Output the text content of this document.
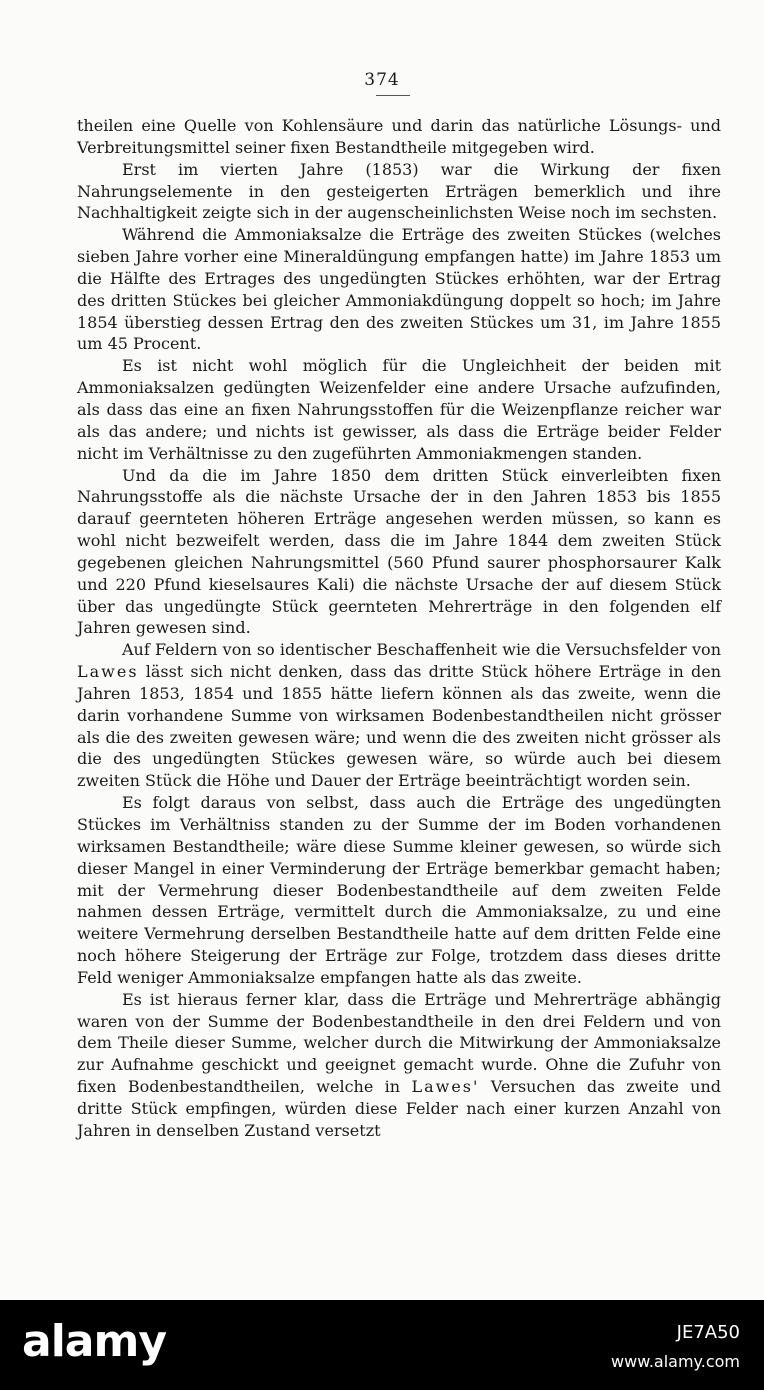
374

theilen eine Quelle von Kohlensäure und darin das natürliche Lösungs- und Verbreitungsmittel seiner fixen Bestandtheile mitgegeben wird.

Erst im vierten Jahre (1853) war die Wirkung der fixen Nahrungselemente in den gesteigerten Erträgen bemerklich und ihre Nachhaltigkeit zeigte sich in der augenscheinlichsten Weise noch im sechsten.

Während die Ammoniaksalze die Erträge des zweiten Stückes (welches sieben Jahre vorher eine Mineraldüngung empfangen hatte) im Jahre 1853 um die Hälfte des Ertrages des ungedüngten Stückes erhöhten, war der Ertrag des dritten Stückes bei gleicher Ammoniakdüngung doppelt so hoch; im Jahre 1854 überstieg dessen Ertrag den des zweiten Stückes um 31, im Jahre 1855 um 45 Procent.

Es ist nicht wohl möglich für die Ungleichheit der beiden mit Ammoniaksalzen gedüngten Weizenfelder eine andere Ursache aufzufinden, als dass das eine an fixen Nahrungsstoffen für die Weizenpflanze reicher war als das andere; und nichts ist gewisser, als dass die Erträge beider Felder nicht im Verhältnisse zu den zugeführten Ammoniakmengen standen.

Und da die im Jahre 1850 dem dritten Stück einverleibten fixen Nahrungsstoffe als die nächste Ursache der in den Jahren 1853 bis 1855 darauf geernteten höheren Erträge angesehen werden müssen, so kann es wohl nicht bezweifelt werden, dass die im Jahre 1844 dem zweiten Stück gegebenen gleichen Nahrungsmittel (560 Pfund saurer phosphorsaurer Kalk und 220 Pfund kieselsaures Kali) die nächste Ursache der auf diesem Stück über das ungedüngte Stück geernteten Mehrerträge in den folgenden elf Jahren gewesen sind.

Auf Feldern von so identischer Beschaffenheit wie die Versuchsfelder von Lawes lässt sich nicht denken, dass das dritte Stück höhere Erträge in den Jahren 1853, 1854 und 1855 hätte liefern können als das zweite, wenn die darin vorhandene Summe von wirksamen Bodenbestandtheilen nicht grösser als die des zweiten gewesen wäre; und wenn die des zweiten nicht grösser als die des ungedüngten Stückes gewesen wäre, so würde auch bei diesem zweiten Stück die Höhe und Dauer der Erträge beeinträchtigt worden sein.

Es folgt daraus von selbst, dass auch die Erträge des ungedüngten Stückes im Verhältniss standen zu der Summe der im Boden vorhandenen wirksamen Bestandtheile; wäre diese Summe kleiner gewesen, so würde sich dieser Mangel in einer Verminderung der Erträge bemerkbar gemacht haben; mit der Vermehrung dieser Bodenbestandtheile auf dem zweiten Felde nahmen dessen Erträge, vermittelt durch die Ammoniaksalze, zu und eine weitere Vermehrung derselben Bestandtheile hatte auf dem dritten Felde eine noch höhere Steigerung der Erträge zur Folge, trotzdem dass dieses dritte Feld weniger Ammoniaksalze empfangen hatte als das zweite.

Es ist hieraus ferner klar, dass die Erträge und Mehrerträge abhängig waren von der Summe der Bodenbestandtheile in den drei Feldern und von dem Theile dieser Summe, welcher durch die Mitwirkung der Ammoniaksalze zur Aufnahme geschickt und geeignet gemacht wurde. Ohne die Zufuhr von fixen Bodenbestandtheilen, welche in Lawes' Versuchen das zweite und dritte Stück empfingen, würden diese Felder nach einer kurzen Anzahl von Jahren in denselben Zustand versetzt

alamy	JE7A50
www.alamy.com
